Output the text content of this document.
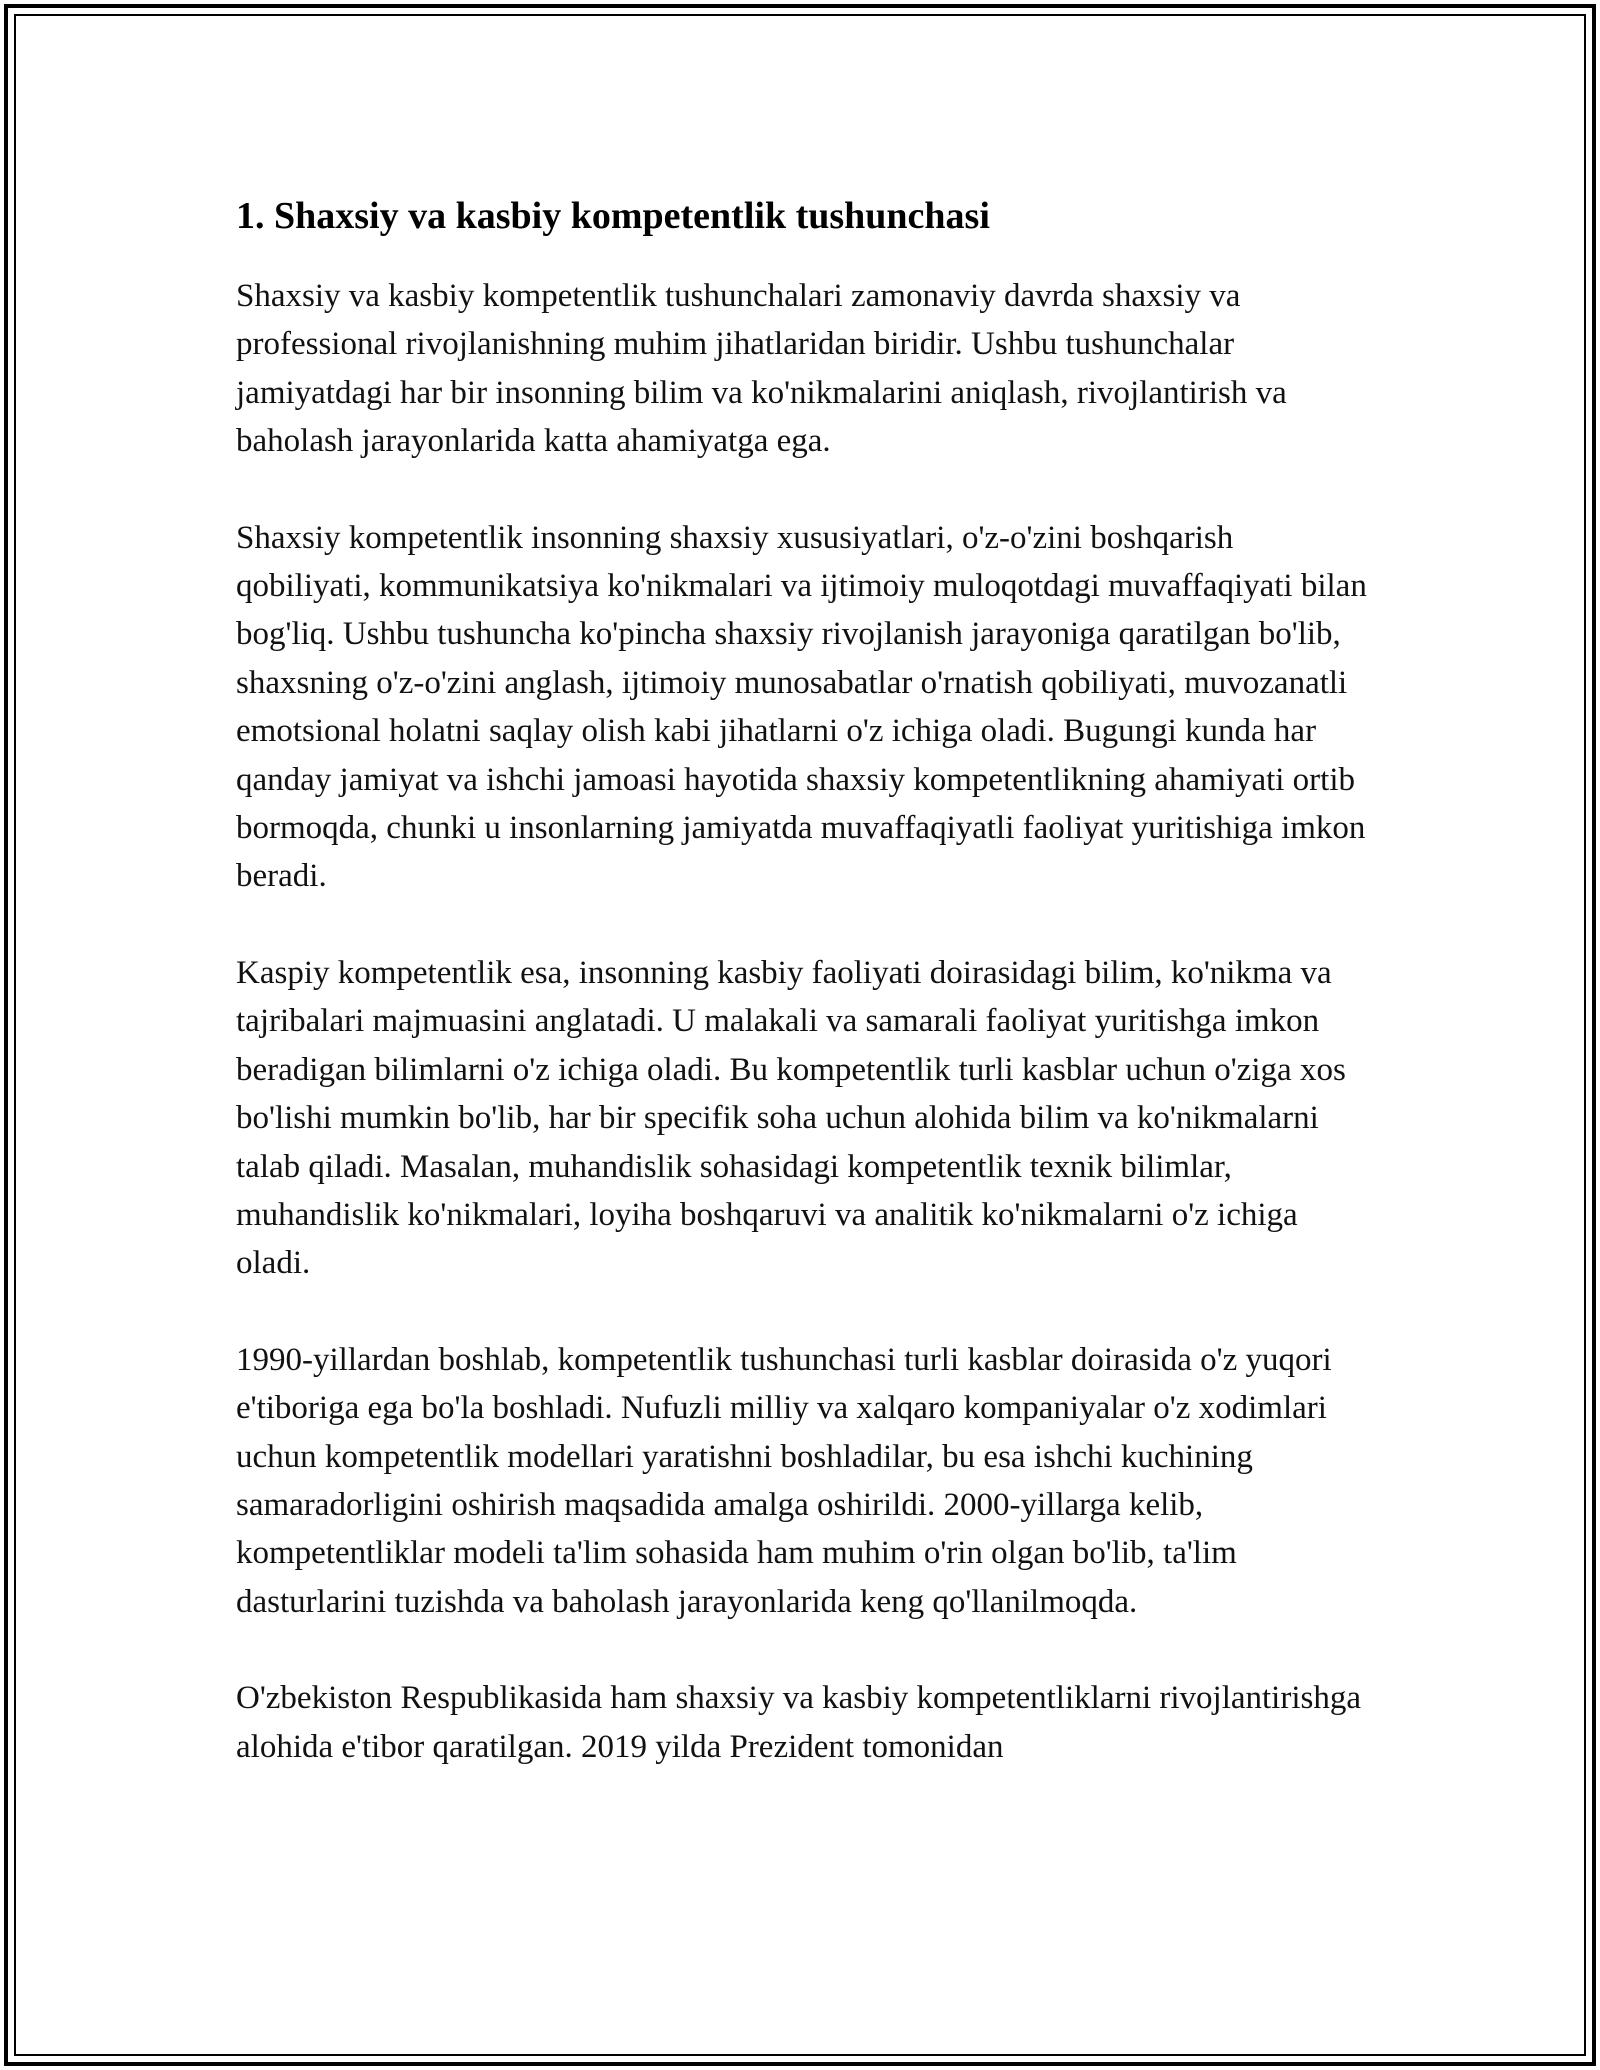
1. Shaxsiy va kasbiy kompetentlik tushunchasi

Shaxsiy va kasbiy kompetentlik tushunchalari zamonaviy davrda shaxsiy va professional rivojlanishning muhim jihatlaridan biridir. Ushbu tushunchalar jamiyatdagi har bir insonning bilim va ko'nikmalarini aniqlash, rivojlantirish va baholash jarayonlarida katta ahamiyatga ega.

Shaxsiy kompetentlik insonning shaxsiy xususiyatlari, o'z-o'zini boshqarish qobiliyati, kommunikatsiya ko'nikmalari va ijtimoiy muloqotdagi muvaffaqiyati bilan bog'liq. Ushbu tushuncha ko'pincha shaxsiy rivojlanish jarayoniga qaratilgan bo'lib, shaxsning o'z-o'zini anglash, ijtimoiy munosabatlar o'rnatish qobiliyati, muvozanatli emotsional holatni saqlay olish kabi jihatlarni o'z ichiga oladi. Bugungi kunda har qanday jamiyat va ishchi jamoasi hayotida shaxsiy kompetentlikning ahamiyati ortib bormoqda, chunki u insonlarning jamiyatda muvaffaqiyatli faoliyat yuritishiga imkon beradi.

Kaspiy kompetentlik esa, insonning kasbiy faoliyati doirasidagi bilim, ko'nikma va tajribalari majmuasini anglatadi. U malakali va samarali faoliyat yuritishga imkon beradigan bilimlarni o'z ichiga oladi. Bu kompetentlik turli kasblar uchun o'ziga xos bo'lishi mumkin bo'lib, har bir specifik soha uchun alohida bilim va ko'nikmalarni talab qiladi. Masalan, muhandislik sohasidagi kompetentlik texnik bilimlar, muhandislik ko'nikmalari, loyiha boshqaruvi va analitik ko'nikmalarni o'z ichiga oladi.

1990-yillardan boshlab, kompetentlik tushunchasi turli kasblar doirasida o'z yuqori e'tiboriga ega bo'la boshladi. Nufuzli milliy va xalqaro kompaniyalar o'z xodimlari uchun kompetentlik modellari yaratishni boshladilar, bu esa ishchi kuchining samaradorligini oshirish maqsadida amalga oshirildi. 2000-yillarga kelib, kompetentliklar modeli ta'lim sohasida ham muhim o'rin olgan bo'lib, ta'lim dasturlarini tuzishda va baholash jarayonlarida keng qo'llanilmoqda.

O'zbekiston Respublikasida ham shaxsiy va kasbiy kompetentliklarni rivojlantirishga alohida e'tibor qaratilgan. 2019 yilda Prezident tomonidan
